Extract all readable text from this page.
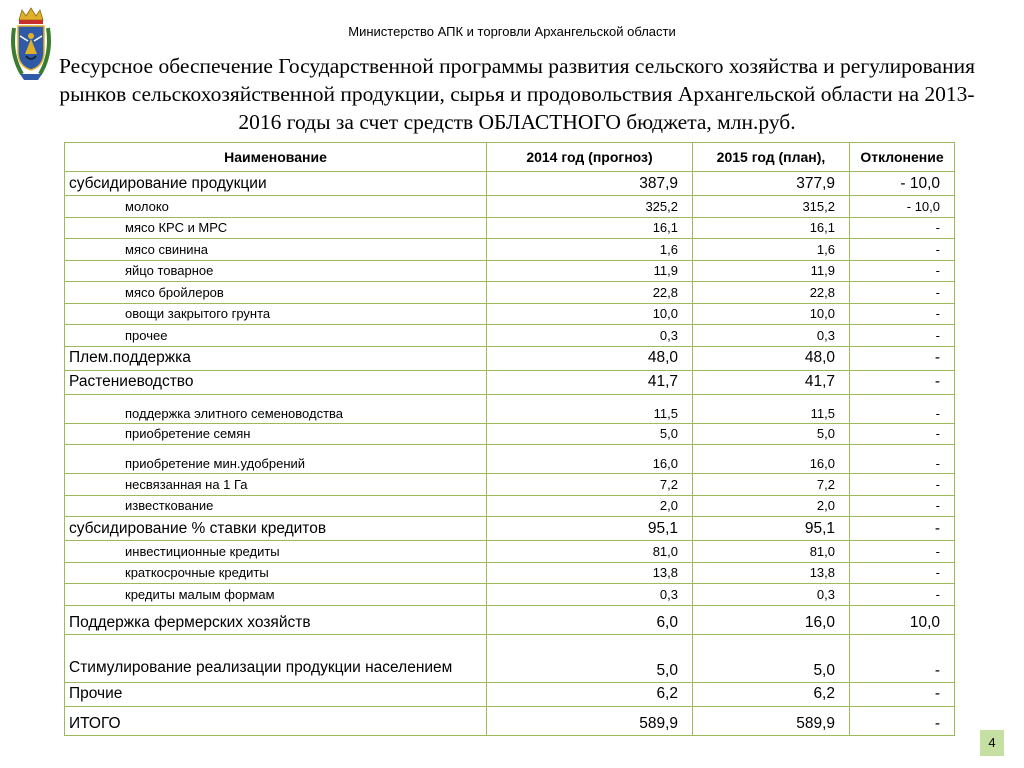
Министерство АПК и торговли Архангельской области
Ресурсное обеспечение Государственной программы развития сельского хозяйства и регулирования рынков сельскохозяйственной продукции, сырья и продовольствия Архангельской области на 2013-2016 годы за счет средств ОБЛАСТНОГО бюджета, млн.руб.
Наименование	2014 год (прогноз)	2015 год (план),	Отклонение
субсидирование продукции	387,9	377,9	- 10,0
молоко	325,2	315,2	- 10,0
мясо КРС и МРС	16,1	16,1	-
мясо свинина	1,6	1,6	-
яйцо товарное	11,9	11,9	-
мясо бройлеров	22,8	22,8	-
овощи закрытого грунта	10,0	10,0	-
прочее	0,3	0,3	-
Плем.поддержка	48,0	48,0	-
Растениеводство	41,7	41,7	-
поддержка элитного семеноводства	11,5	11,5	-
приобретение семян	5,0	5,0	-
приобретение мин.удобрений	16,0	16,0	-
несвязанная на 1 Га	7,2	7,2	-
известкование	2,0	2,0	-
субсидирование % ставки кредитов	95,1	95,1	-
инвестиционные кредиты	81,0	81,0	-
краткосрочные кредиты	13,8	13,8	-
кредиты малым формам	0,3	0,3	-
Поддержка фермерских хозяйств	6,0	16,0	10,0
Стимулирование реализации продукции населением	5,0	5,0	-
Прочие	6,2	6,2	-
ИТОГО	589,9	589,9	-
4
